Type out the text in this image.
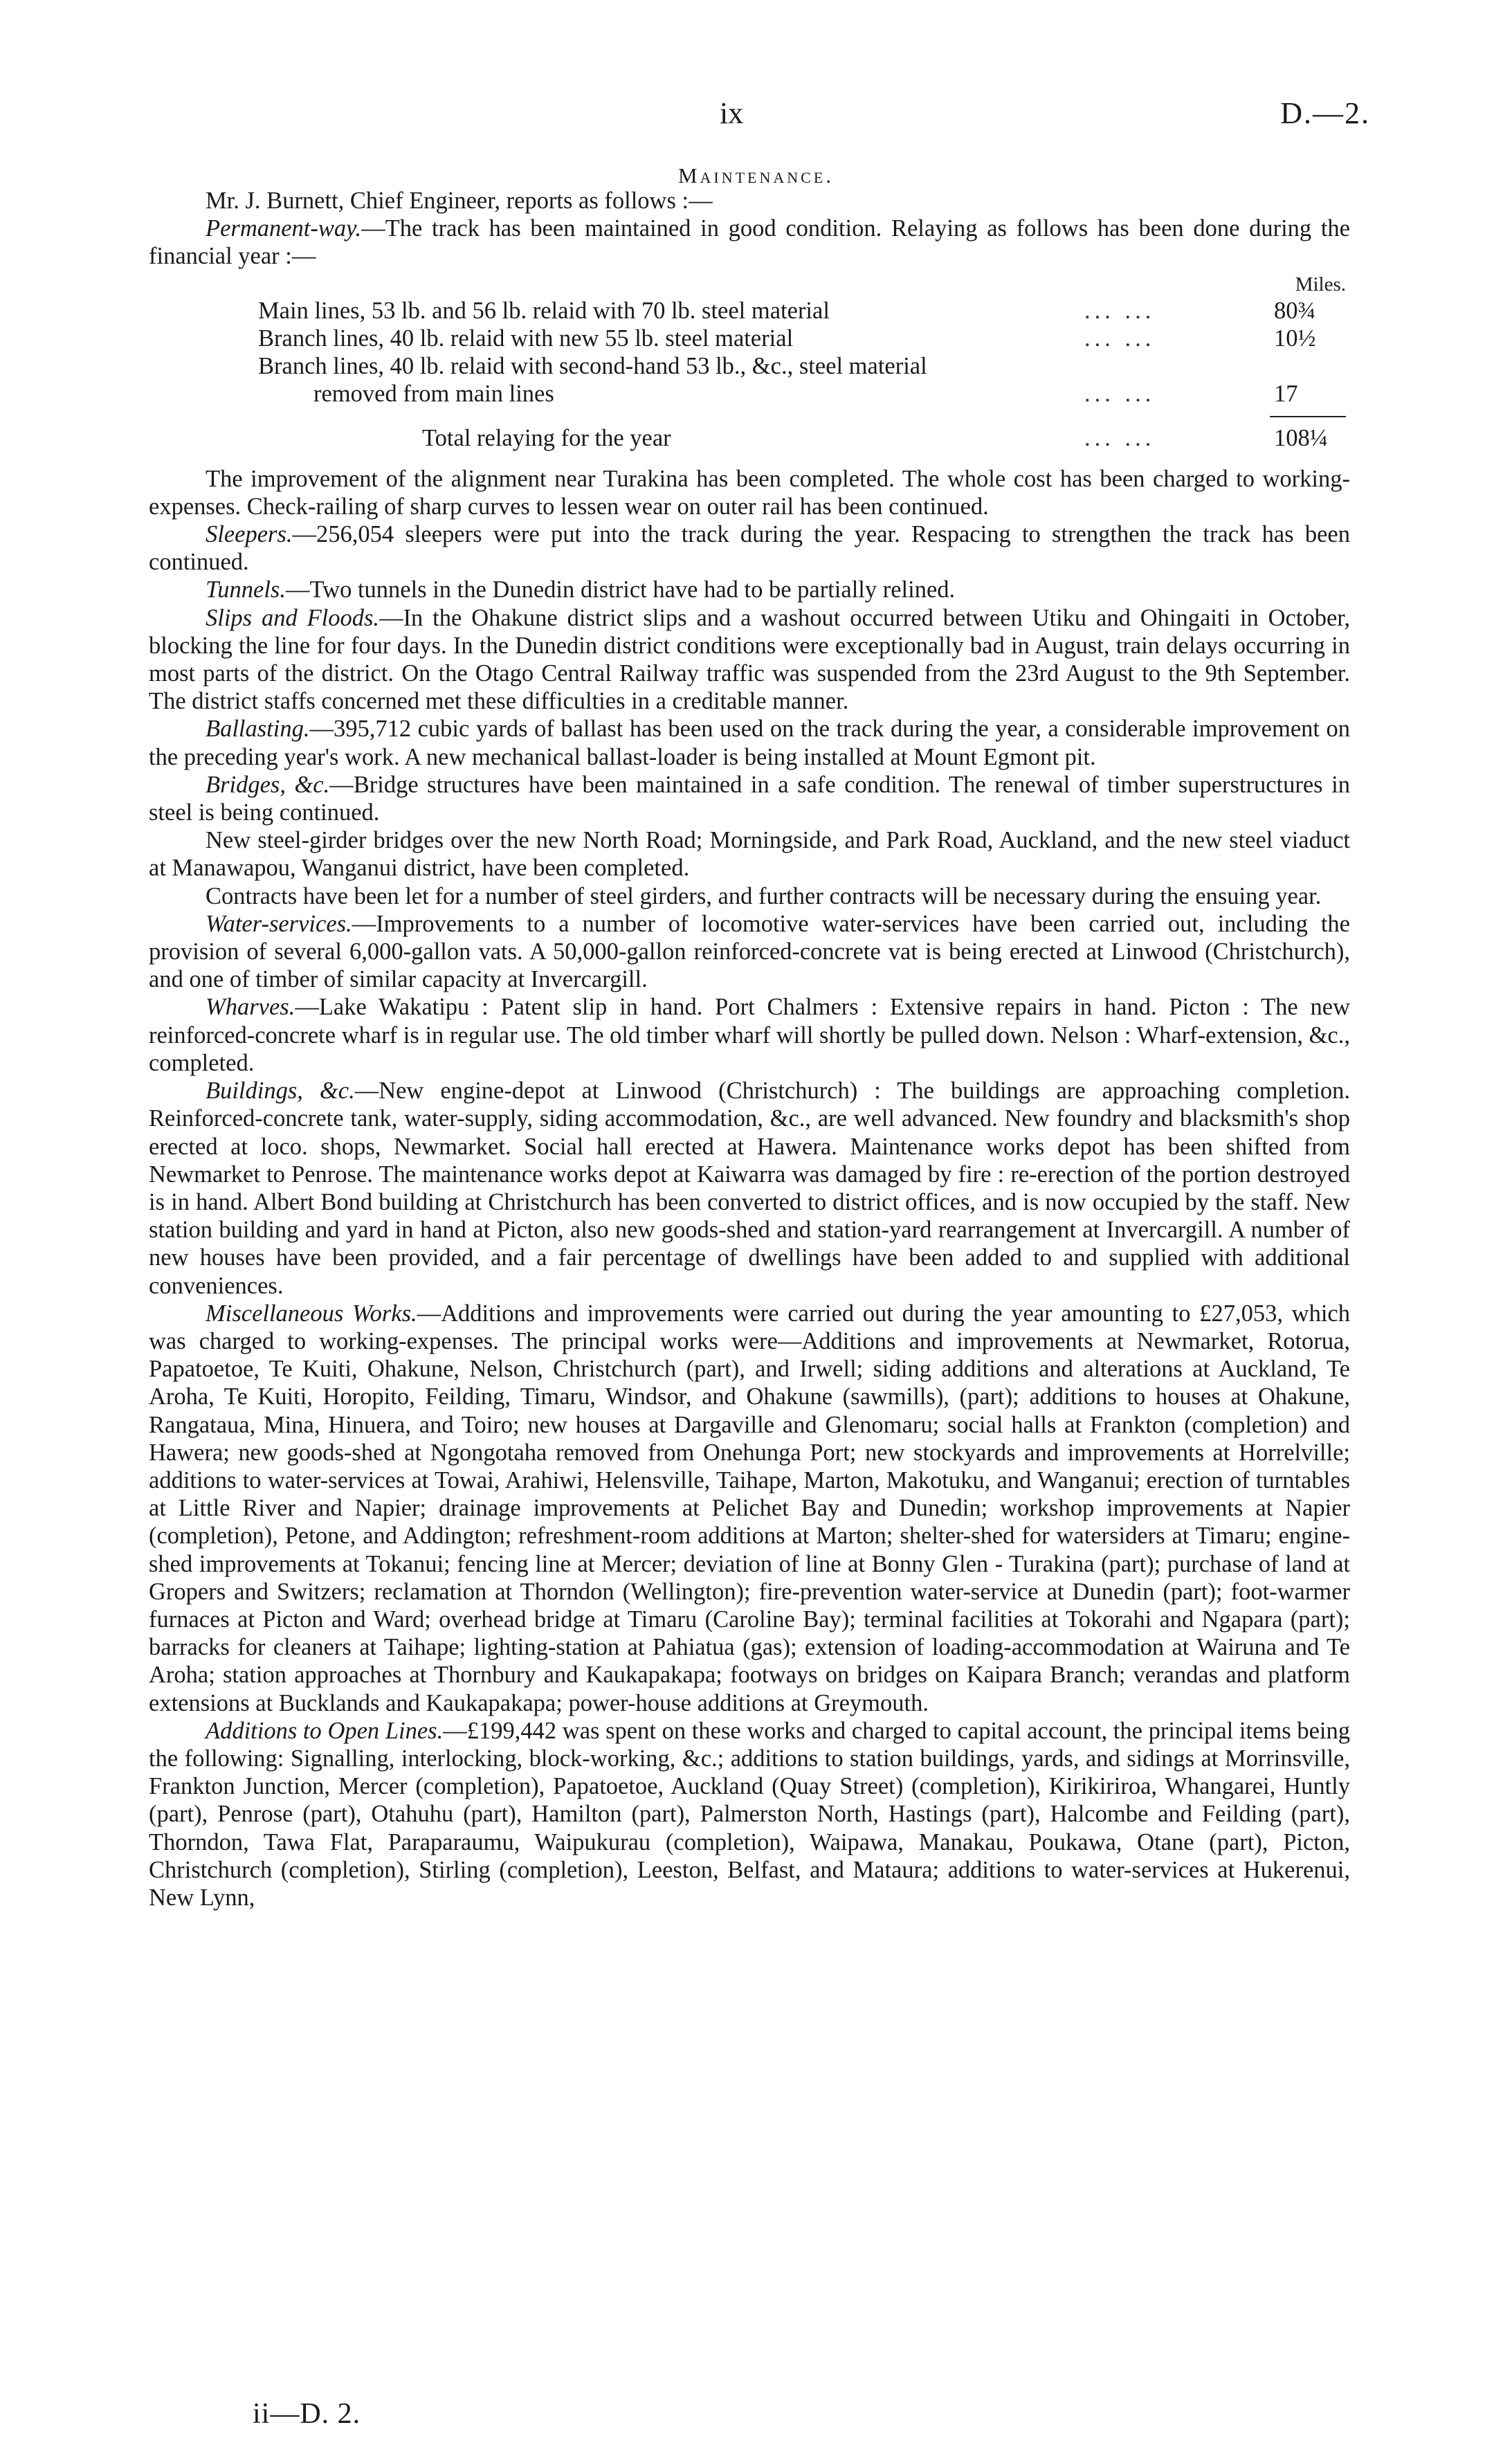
ix	D.—2.
Maintenance.

Mr. J. Burnett, Chief Engineer, reports as follows :—

Permanent-way.—The track has been maintained in good condition. Relaying as follows has been done during the financial year :—

Miles.
Main lines, 53 lb. and 56 lb. relaid with 70 lb. steel material	... ...	80¾
Branch lines, 40 lb. relaid with new 55 lb. steel material	... ...	10½
Branch lines, 40 lb. relaid with second-hand 53 lb., &c., steel material
removed from main lines	... ...	17
Total relaying for the year	... ...	108¼

The improvement of the alignment near Turakina has been completed. The whole cost has been charged to working-expenses. Check-railing of sharp curves to lessen wear on outer rail has been continued.

Sleepers.—256,054 sleepers were put into the track during the year. Respacing to strengthen the track has been continued.

Tunnels.—Two tunnels in the Dunedin district have had to be partially relined.

Slips and Floods.—In the Ohakune district slips and a washout occurred between Utiku and Ohingaiti in October, blocking the line for four days. In the Dunedin district conditions were exceptionally bad in August, train delays occurring in most parts of the district. On the Otago Central Railway traffic was suspended from the 23rd August to the 9th September. The district staffs concerned met these difficulties in a creditable manner.

Ballasting.—395,712 cubic yards of ballast has been used on the track during the year, a considerable improvement on the preceding year's work. A new mechanical ballast-loader is being installed at Mount Egmont pit.

Bridges, &c.—Bridge structures have been maintained in a safe condition. The renewal of timber superstructures in steel is being continued.

New steel-girder bridges over the new North Road; Morningside, and Park Road, Auckland, and the new steel viaduct at Manawapou, Wanganui district, have been completed.

Contracts have been let for a number of steel girders, and further contracts will be necessary during the ensuing year.

Water-services.—Improvements to a number of locomotive water-services have been carried out, including the provision of several 6,000-gallon vats. A 50,000-gallon reinforced-concrete vat is being erected at Linwood (Christchurch), and one of timber of similar capacity at Invercargill.

Wharves.—Lake Wakatipu : Patent slip in hand. Port Chalmers : Extensive repairs in hand. Picton : The new reinforced-concrete wharf is in regular use. The old timber wharf will shortly be pulled down. Nelson : Wharf-extension, &c., completed.

Buildings, &c.—New engine-depot at Linwood (Christchurch) : The buildings are approaching completion. Reinforced-concrete tank, water-supply, siding accommodation, &c., are well advanced. New foundry and blacksmith's shop erected at loco. shops, Newmarket. Social hall erected at Hawera. Maintenance works depot has been shifted from Newmarket to Penrose. The maintenance works depot at Kaiwarra was damaged by fire : re-erection of the portion destroyed is in hand. Albert Bond building at Christchurch has been converted to district offices, and is now occupied by the staff. New station building and yard in hand at Picton, also new goods-shed and station-yard rearrangement at Invercargill. A number of new houses have been provided, and a fair percentage of dwellings have been added to and supplied with additional conveniences.

Miscellaneous Works.—Additions and improvements were carried out during the year amounting to £27,053, which was charged to working-expenses. The principal works were—Additions and improvements at Newmarket, Rotorua, Papatoetoe, Te Kuiti, Ohakune, Nelson, Christchurch (part), and Irwell; siding additions and alterations at Auckland, Te Aroha, Te Kuiti, Horopito, Feilding, Timaru, Windsor, and Ohakune (sawmills), (part); additions to houses at Ohakune, Rangataua, Mina, Hinuera, and Toiro; new houses at Dargaville and Glenomaru; social halls at Frankton (completion) and Hawera; new goods-shed at Ngongotaha removed from Onehunga Port; new stockyards and improvements at Horrelville; additions to water-services at Towai, Arahiwi, Helensville, Taihape, Marton, Makotuku, and Wanganui; erection of turntables at Little River and Napier; drainage improvements at Pelichet Bay and Dunedin; workshop improvements at Napier (completion), Petone, and Addington; refreshment-room additions at Marton; shelter-shed for watersiders at Timaru; engine-shed improvements at Tokanui; fencing line at Mercer; deviation of line at Bonny Glen - Turakina (part); purchase of land at Gropers and Switzers; reclamation at Thorndon (Wellington); fire-prevention water-service at Dunedin (part); foot-warmer furnaces at Picton and Ward; overhead bridge at Timaru (Caroline Bay); terminal facilities at Tokorahi and Ngapara (part); barracks for cleaners at Taihape; lighting-station at Pahiatua (gas); extension of loading-accommodation at Wairuna and Te Aroha; station approaches at Thornbury and Kaukapakapa; footways on bridges on Kaipara Branch; verandas and platform extensions at Bucklands and Kaukapakapa; power-house additions at Greymouth.

Additions to Open Lines.—£199,442 was spent on these works and charged to capital account, the principal items being the following: Signalling, interlocking, block-working, &c.; additions to station buildings, yards, and sidings at Morrinsville, Frankton Junction, Mercer (completion), Papatoetoe, Auckland (Quay Street) (completion), Kirikiriroa, Whangarei, Huntly (part), Penrose (part), Otahuhu (part), Hamilton (part), Palmerston North, Hastings (part), Halcombe and Feilding (part), Thorndon, Tawa Flat, Paraparaumu, Waipukurau (completion), Waipawa, Manakau, Poukawa, Otane (part), Picton, Christchurch (completion), Stirling (completion), Leeston, Belfast, and Mataura; additions to water-services at Hukerenui, New Lynn,

ii—D. 2.
